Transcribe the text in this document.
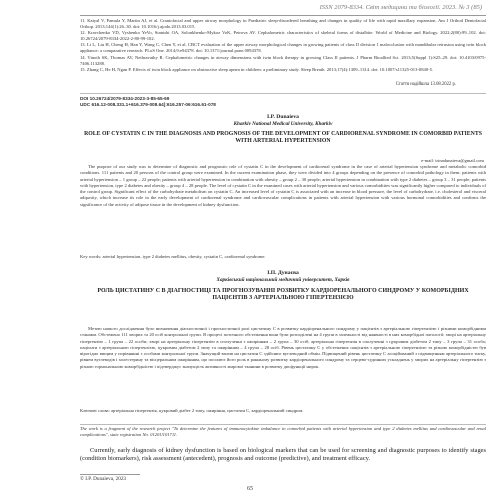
ISSN 2079-8334. Світ медицини та біології. 2023. № 3 (85)

11. Katyal V, Pamula Y, Martin AJ, et al. Craniofacial and upper airway morphology in Paediatric sleep-disordered breathing and changes in quality of life with rapid maxillary expansion. Am J Orthod Dentofacial Orthop. 2013;144(1):26–30. doi: 10.1016/j.ajodo.2013.03.015.

12. Kravchenko VD, Vyshenko YeVo, Stanishi OA, Solonkhenko-Mykoz VoK, Petrova AV. Cephalometric characteristics of skeletal forms of distalbite. World of Medicine and Biology. 2022;2(80):99–102. doi: 10.26724/2079-8334-2022-2-80-99-102.

13. Li L, Liu H, Cheng H, Han Y, Wang C, Chen Y, et al. CBCT evaluation of the upper airway morphological changes in growing patients of class II division 1 malocclusion with mandibular retrusion using twin block appliance: a comparative research. PLoS One. 2014;9:e94378. doi: 10.1371/journal.pone.0094378.

14. Vinoth SK, Thomas AV, Nethravathy R. Cephalometric changes in airway dimensions with twin block therapy in growing Class II patients. J Pharm Bioallied Sci. 2013;5(Suppl 1):S25–29. doi: 10.4103/0975-7406.113288.

15. Zhang C, He H, Ngan P. Effects of twin block appliance on obstructive sleep apnea in children: a preliminary study. Sleep Breath. 2013;17(4):1309–1314. doi: 10.1007/s11325-013-0840-5.

Стаття надійшла 13.08.2022 р.
DOI 10.26724/2079-8334-2023-3-85-65-69
UDC 616.12-008.331.1+616.379-008.64]:616.257-06:616.61-078
I.P. Dunaieva
Kharkiv National Medical University, Kharkiv
ROLE OF CYSTATIN C IN THE DIAGNOSIS AND PROGNOSIS OF THE DEVELOPMENT OF CARDIORENAL SYNDROME IN COMORBID PATIENTS WITH ARTERIAL HYPERTENSION
e-mail: irinadunaieva@gmail.com
The purpose of our study was to determine of diagnostic and prognostic role of cystatin C in the development of cardiorenal syndrome in the case of arterial hypertension syndrome and metabolic comorbid conditions. 111 patients and 20 persons of the control group were examined. In the current examination phase, they were divided into 4 groups depending on the presence of comorbid pathology in them: patients with arterial hypertension – 1 group – 22 people; patients with arterial hypertension in combination with obesity – group 2 – 30 people; arterial hypertension in combination with type 2 diabetes – group 3 – 31 people; patients with hypertension, type 2 diabetes and obesity – group 4 – 28 people. The level of cystatin C in the examined cases with arterial hypertension and various comorbidities was significantly higher compared to individuals of the control group. Significant effect of the carbohydrate metabolism on cystatin C. An increased level of cystatin C is associated with an increase in blood pressure, the level of carbohydrate, i.e. cholesterol and visceral adiposity, which increase its role in the early development of cardiorenal syndrome and cardiovascular complications in patients with arterial hypertension with various hormonal comorbidities and confirms the significance of the activity of adipose tissue in the development of kidney dysfunction.
Key words: arterial hypertension, type 2 diabetes mellitus, obesity, cystatin C, cardiorenal syndrome.
І.П. Дунаєва
Харківський національний медичний університет, Харків
РОЛЬ ЦИСТАТИНУ С В ДІАГНОСТИЦІ ТА ПРОГНОЗУВАННІ РОЗВИТКУ КАРДІОРЕНАЛЬНОГО СИНДРОМУ У КОМОРБІДНИХ ПАЦІЄНТІВ З АРТЕРІАЛЬНОЮ ГІПЕРТЕНЗІЄЮ
Метою нашого дослідження було визначення діагностичної і прогностичної ролі цистатину С в розвитку кардіоренального синдрому у пацієнтів з артеріальною гіпертензією і різними коморбідними станами. Обстежено 111 хворих та 20 осіб контрольної групи. В процесі поточного обстеження вони були розподілені на 4 групи в залежності від наявності в них коморбідної патології: хворі на артеріальну гіпертензію – 1 група – 22 особи; хворі на артеріальну гіпертензію в сполученні з ожирінням – 2 група – 30 осіб; артеріальна гіпертензія в сполученні з цукровим діабетом 2 типу – 3 група – 31 особа; пацієнти з артеріальною гіпертензією, цукровим діабетом 2 типу та ожирінням – 4 група – 28 осіб. Рівень цистатину С у обстежених пацієнтів з артеріальною гіпертензією та різною коморбідністю був вірогідно вищим у порівнянні з особами контрольної групи. Значущий вплив на цистатин С здійснює вуглеводний обмін. Підвищений рівень цистатину С асоційований з підвищенням артеріального тиску, рівнем вуглеводів і холестерину та вісцеральним ожирінням, що посилює його роль в ранньому розвитку кардіоренального синдрому та серцево-судинних ускладнень у хворих на артеріальну гіпертензію з різною гормональною коморбідністю і підтверджує значущість активності жирової тканини в розвитку дисфункції нирок.
Ключові слова: артеріальна гіпертензія, цукровий діабет 2 типу, ожиріння, цистатин С, кардіоренальний синдром.
The work is a fragment of the research project "To determine the features of immunocytokine imbalance in comorbid patients with arterial hypertension and type 2 diabetes mellitus and cardiovascular and renal complications", state registration No. 0120U101711.
Currently, early diagnosis of kidney dysfunction is based on biological markers that can be used for screening and diagnostic purposes to identify stages (condition biomarkers), risk assessment (antecedent), prognosis and outcome (predictive), and treatment efficacy.
© I.P. Dunaieva, 2023
65
